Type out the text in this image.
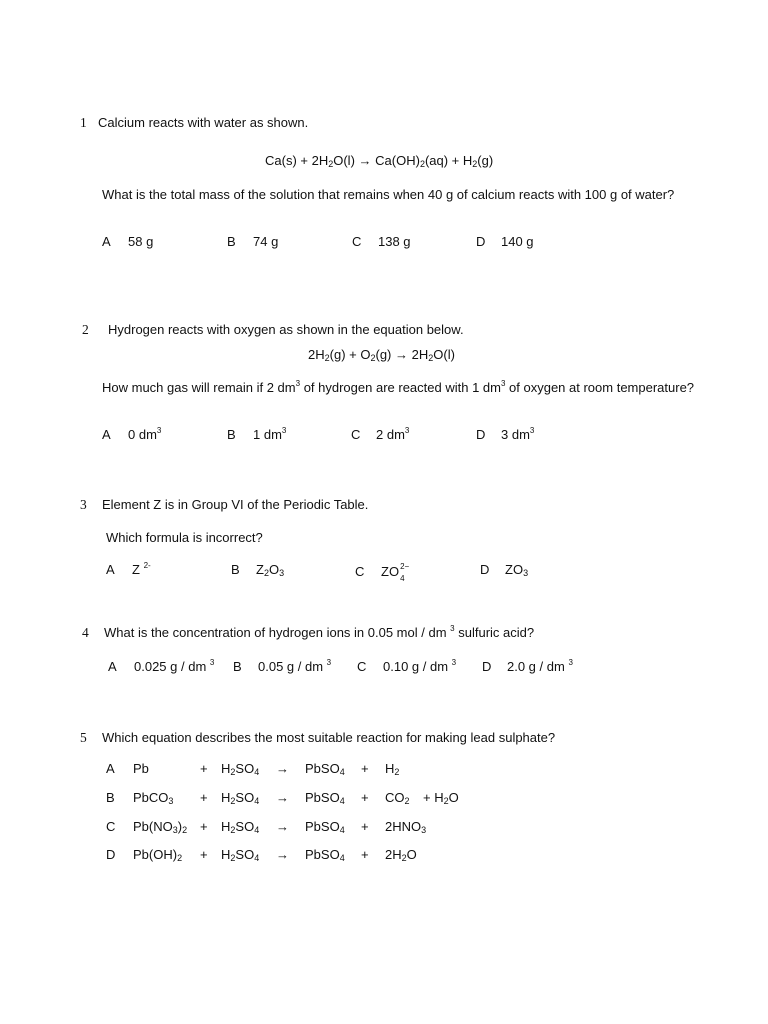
1 Calcium reacts with water as shown.
$Ca(s) + 2H_2O(l) \to Ca(OH)_2(aq) + H_2(g)$
What is the total mass of the solution that remains when 40 g of calcium reacts with 100 g of water?
A 58 g	B 74 g	C 138 g	D 140 g
2 Hydrogen reacts with oxygen as shown in the equation below.
$2H_2(g) + O_2(g) \to 2H_2O(l)$
How much gas will remain if 2 $dm^3$ of hydrogen are reacted with 1 $dm^3$ of oxygen at room temperature?
A 0 $dm^3$	B 1 $dm^3$	C 2 $dm^3$	D 3 $dm^3$
3 Element Z is in Group VI of the Periodic Table.
Which formula is incorrect?
A Z $^{2-}$	B $Z_2O_3$	C ZO 2−
4
D $ZO_3$
4 What is the concentration of hydrogen ions in 0.05 mol / dm $^3$ sulfuric acid?
A 0.025 g / dm $^3$ B 0.05 g / dm $^3$ C 0.10 g / dm $^3$ D 2.0 g / dm $^3$
5 Which equation describes the most suitable reaction for making lead sulphate?
A Pb	+ $H_2SO_4$ → PbSO$_4$ + $H_2$
B PbCO$_3$ + $H_2SO_4$ → PbSO$_4$ + $CO_2 + H_2O$
C $Pb(NO_3)_2 + H_2SO_4$ → PbSO$_4$ + $2HNO_3$
D $Pb(OH)_2 + H_2SO_4$ → PbSO$_4$ + $2H_2O$
